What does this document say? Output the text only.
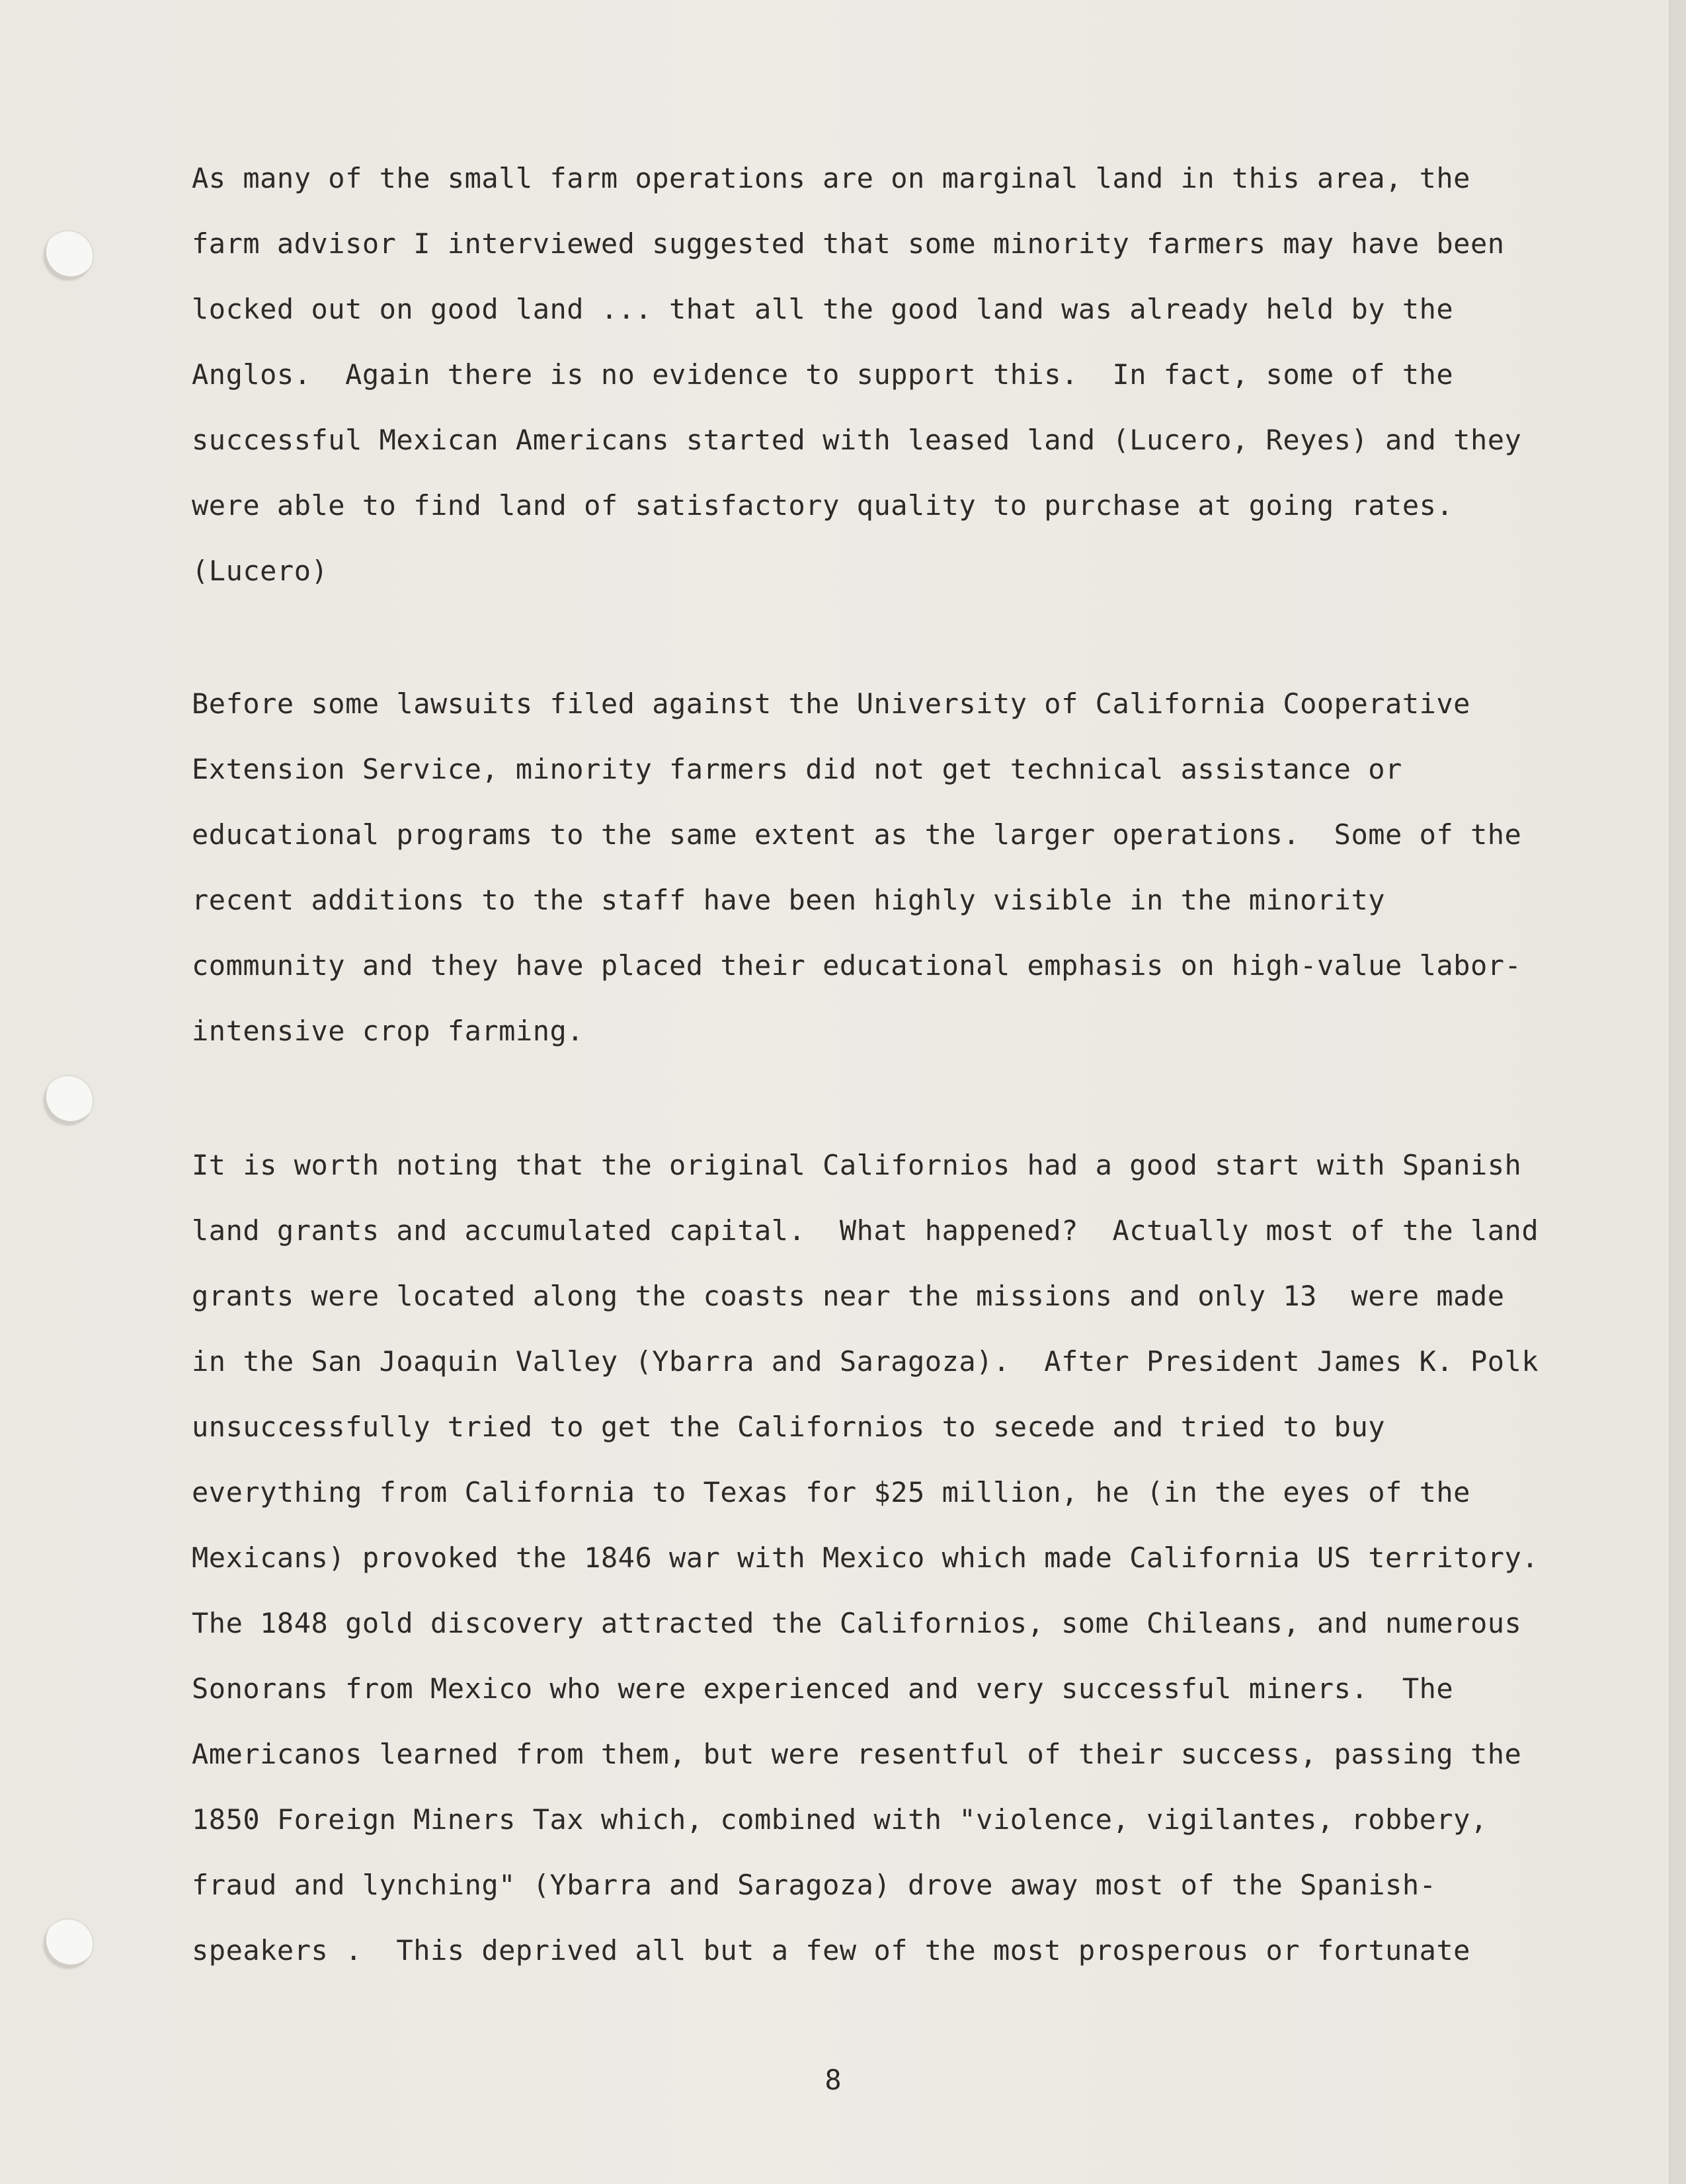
As many of the small farm operations are on marginal land in this area, the
farm advisor I interviewed suggested that some minority farmers may have been
locked out on good land ... that all the good land was already held by the
Anglos.  Again there is no evidence to support this.  In fact, some of the
successful Mexican Americans started with leased land (Lucero, Reyes) and they
were able to find land of satisfactory quality to purchase at going rates.
(Lucero)
Before some lawsuits filed against the University of California Cooperative
Extension Service, minority farmers did not get technical assistance or
educational programs to the same extent as the larger operations.  Some of the
recent additions to the staff have been highly visible in the minority
community and they have placed their educational emphasis on high-value labor-
intensive crop farming.
It is worth noting that the original Californios had a good start with Spanish
land grants and accumulated capital.  What happened?  Actually most of the land
grants were located along the coasts near the missions and only 13  were made
in the San Joaquin Valley (Ybarra and Saragoza).  After President James K. Polk
unsuccessfully tried to get the Californios to secede and tried to buy
everything from California to Texas for $25 million, he (in the eyes of the
Mexicans) provoked the 1846 war with Mexico which made California US territory.
The 1848 gold discovery attracted the Californios, some Chileans, and numerous
Sonorans from Mexico who were experienced and very successful miners.  The
Americanos learned from them, but were resentful of their success, passing the
1850 Foreign Miners Tax which, combined with "violence, vigilantes, robbery,
fraud and lynching" (Ybarra and Saragoza) drove away most of the Spanish-
speakers .  This deprived all but a few of the most prosperous or fortunate
8
